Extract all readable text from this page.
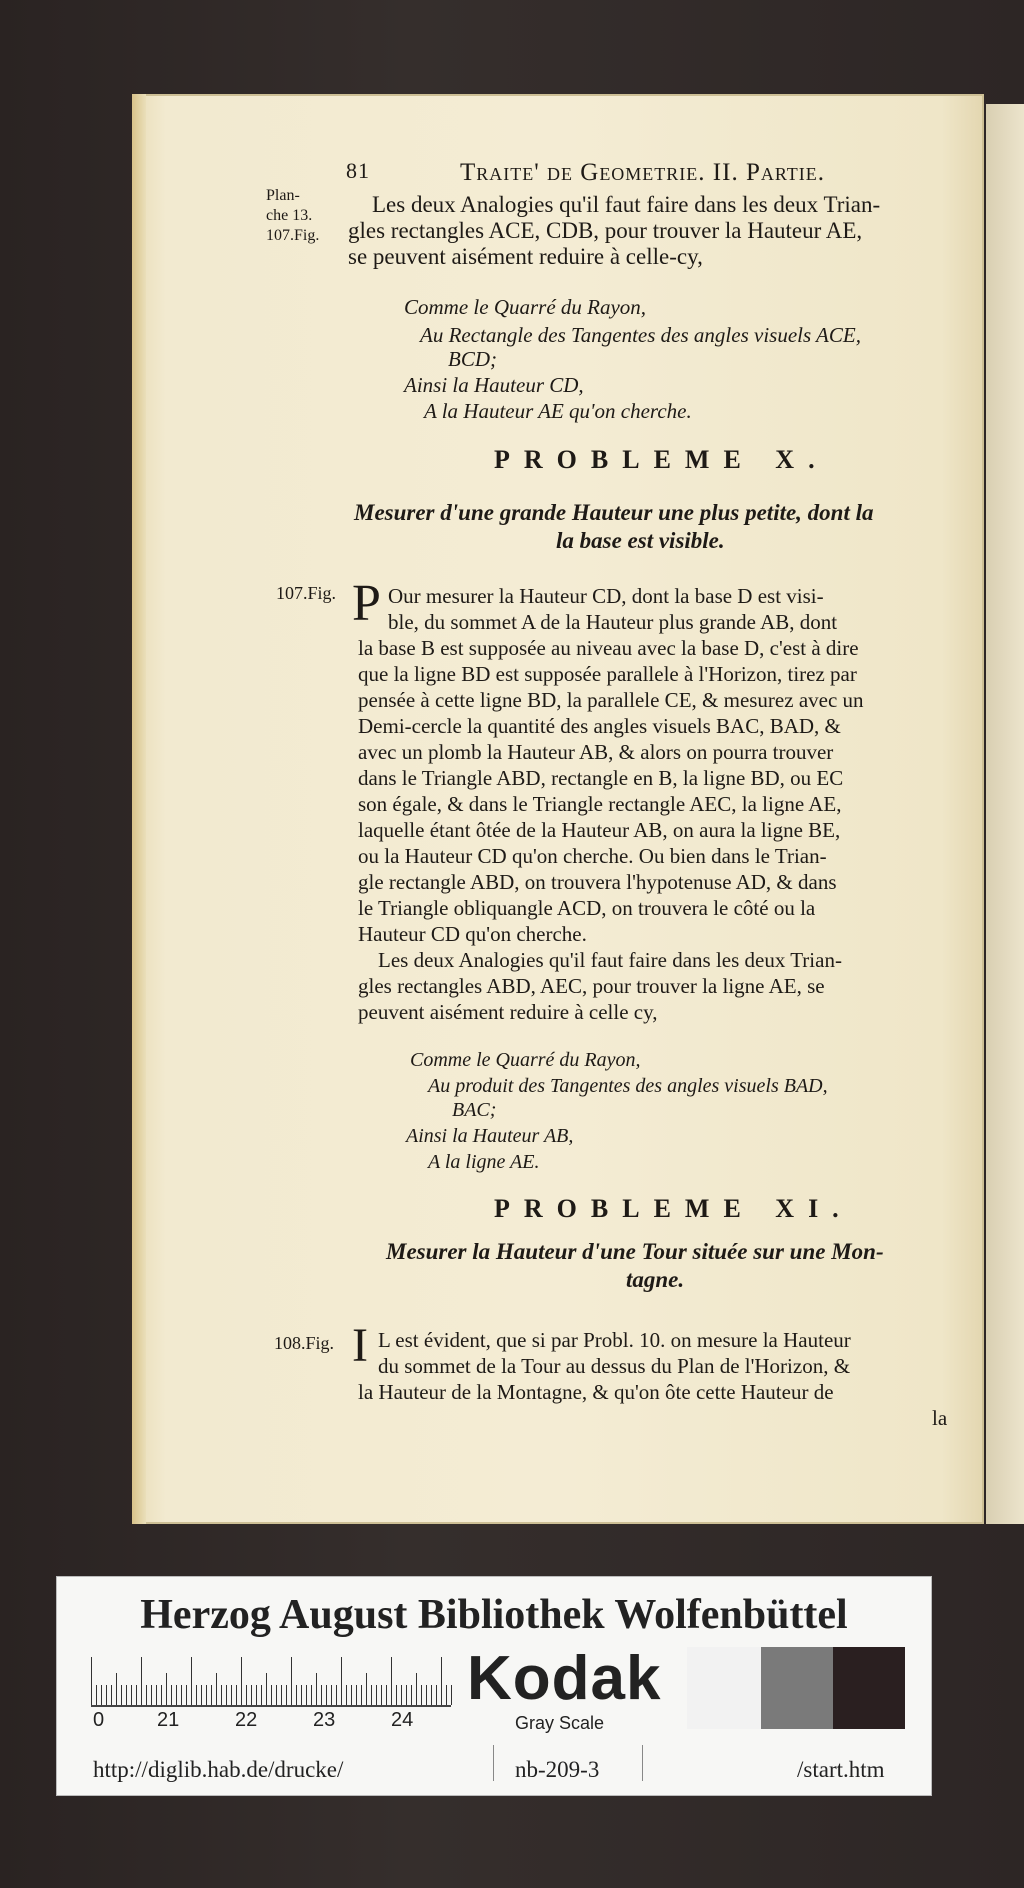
81	Traite' de Geometrie. II. Partie.
Plan-
che 13.
107.Fig.
Les deux Analogies qu'il faut faire dans les deux Trian-
gles rectangles ACE, CDB, pour trouver la Hauteur AE,
se peuvent aisément reduire à celle-cy,
Comme le Quarré du Rayon,
Au Rectangle des Tangentes des angles visuels ACE,
BCD;
Ainsi la Hauteur CD,
A la Hauteur AE qu'on cherche.
PROBLEME X.
Mesurer d'une grande Hauteur une plus petite, dont la
la base est visible.
107.Fig. P Our mesurer la Hauteur CD, dont la base D est visi-
ble, du sommet A de la Hauteur plus grande AB, dont
la base B est supposée au niveau avec la base D, c'est à dire
que la ligne BD est supposée parallele à l'Horizon, tirez par
pensée à cette ligne BD, la parallele CE, & mesurez avec un
Demi-cercle la quantité des angles visuels BAC, BAD, &
avec un plomb la Hauteur AB, & alors on pourra trouver
dans le Triangle ABD, rectangle en B, la ligne BD, ou EC
son égale, & dans le Triangle rectangle AEC, la ligne AE,
laquelle étant ôtée de la Hauteur AB, on aura la ligne BE,
ou la Hauteur CD qu'on cherche. Ou bien dans le Trian-
gle rectangle ABD, on trouvera l'hypotenuse AD, & dans
le Triangle obliquangle ACD, on trouvera le côté ou la
Hauteur CD qu'on cherche.
Les deux Analogies qu'il faut faire dans les deux Trian-
gles rectangles ABD, AEC, pour trouver la ligne AE, se
peuvent aisément reduire à celle cy,
Comme le Quarré du Rayon,
Au produit des Tangentes des angles visuels BAD,
BAC;
Ainsi la Hauteur AB,
A la ligne AE.
PROBLEME XI.
Mesurer la Hauteur d'une Tour située sur une Mon-
tagne.
108.Fig. I L est évident, que si par Probl. 10. on mesure la Hauteur
du sommet de la Tour au dessus du Plan de l'Horizon, &
la Hauteur de la Montagne, & qu'on ôte cette Hauteur de
la
Herzog August Bibliothek Wolfenbüttel
0	21	22	23	24
Kodak
Gray Scale
http://diglib.hab.de/drucke/	nb-209-3	/start.htm
